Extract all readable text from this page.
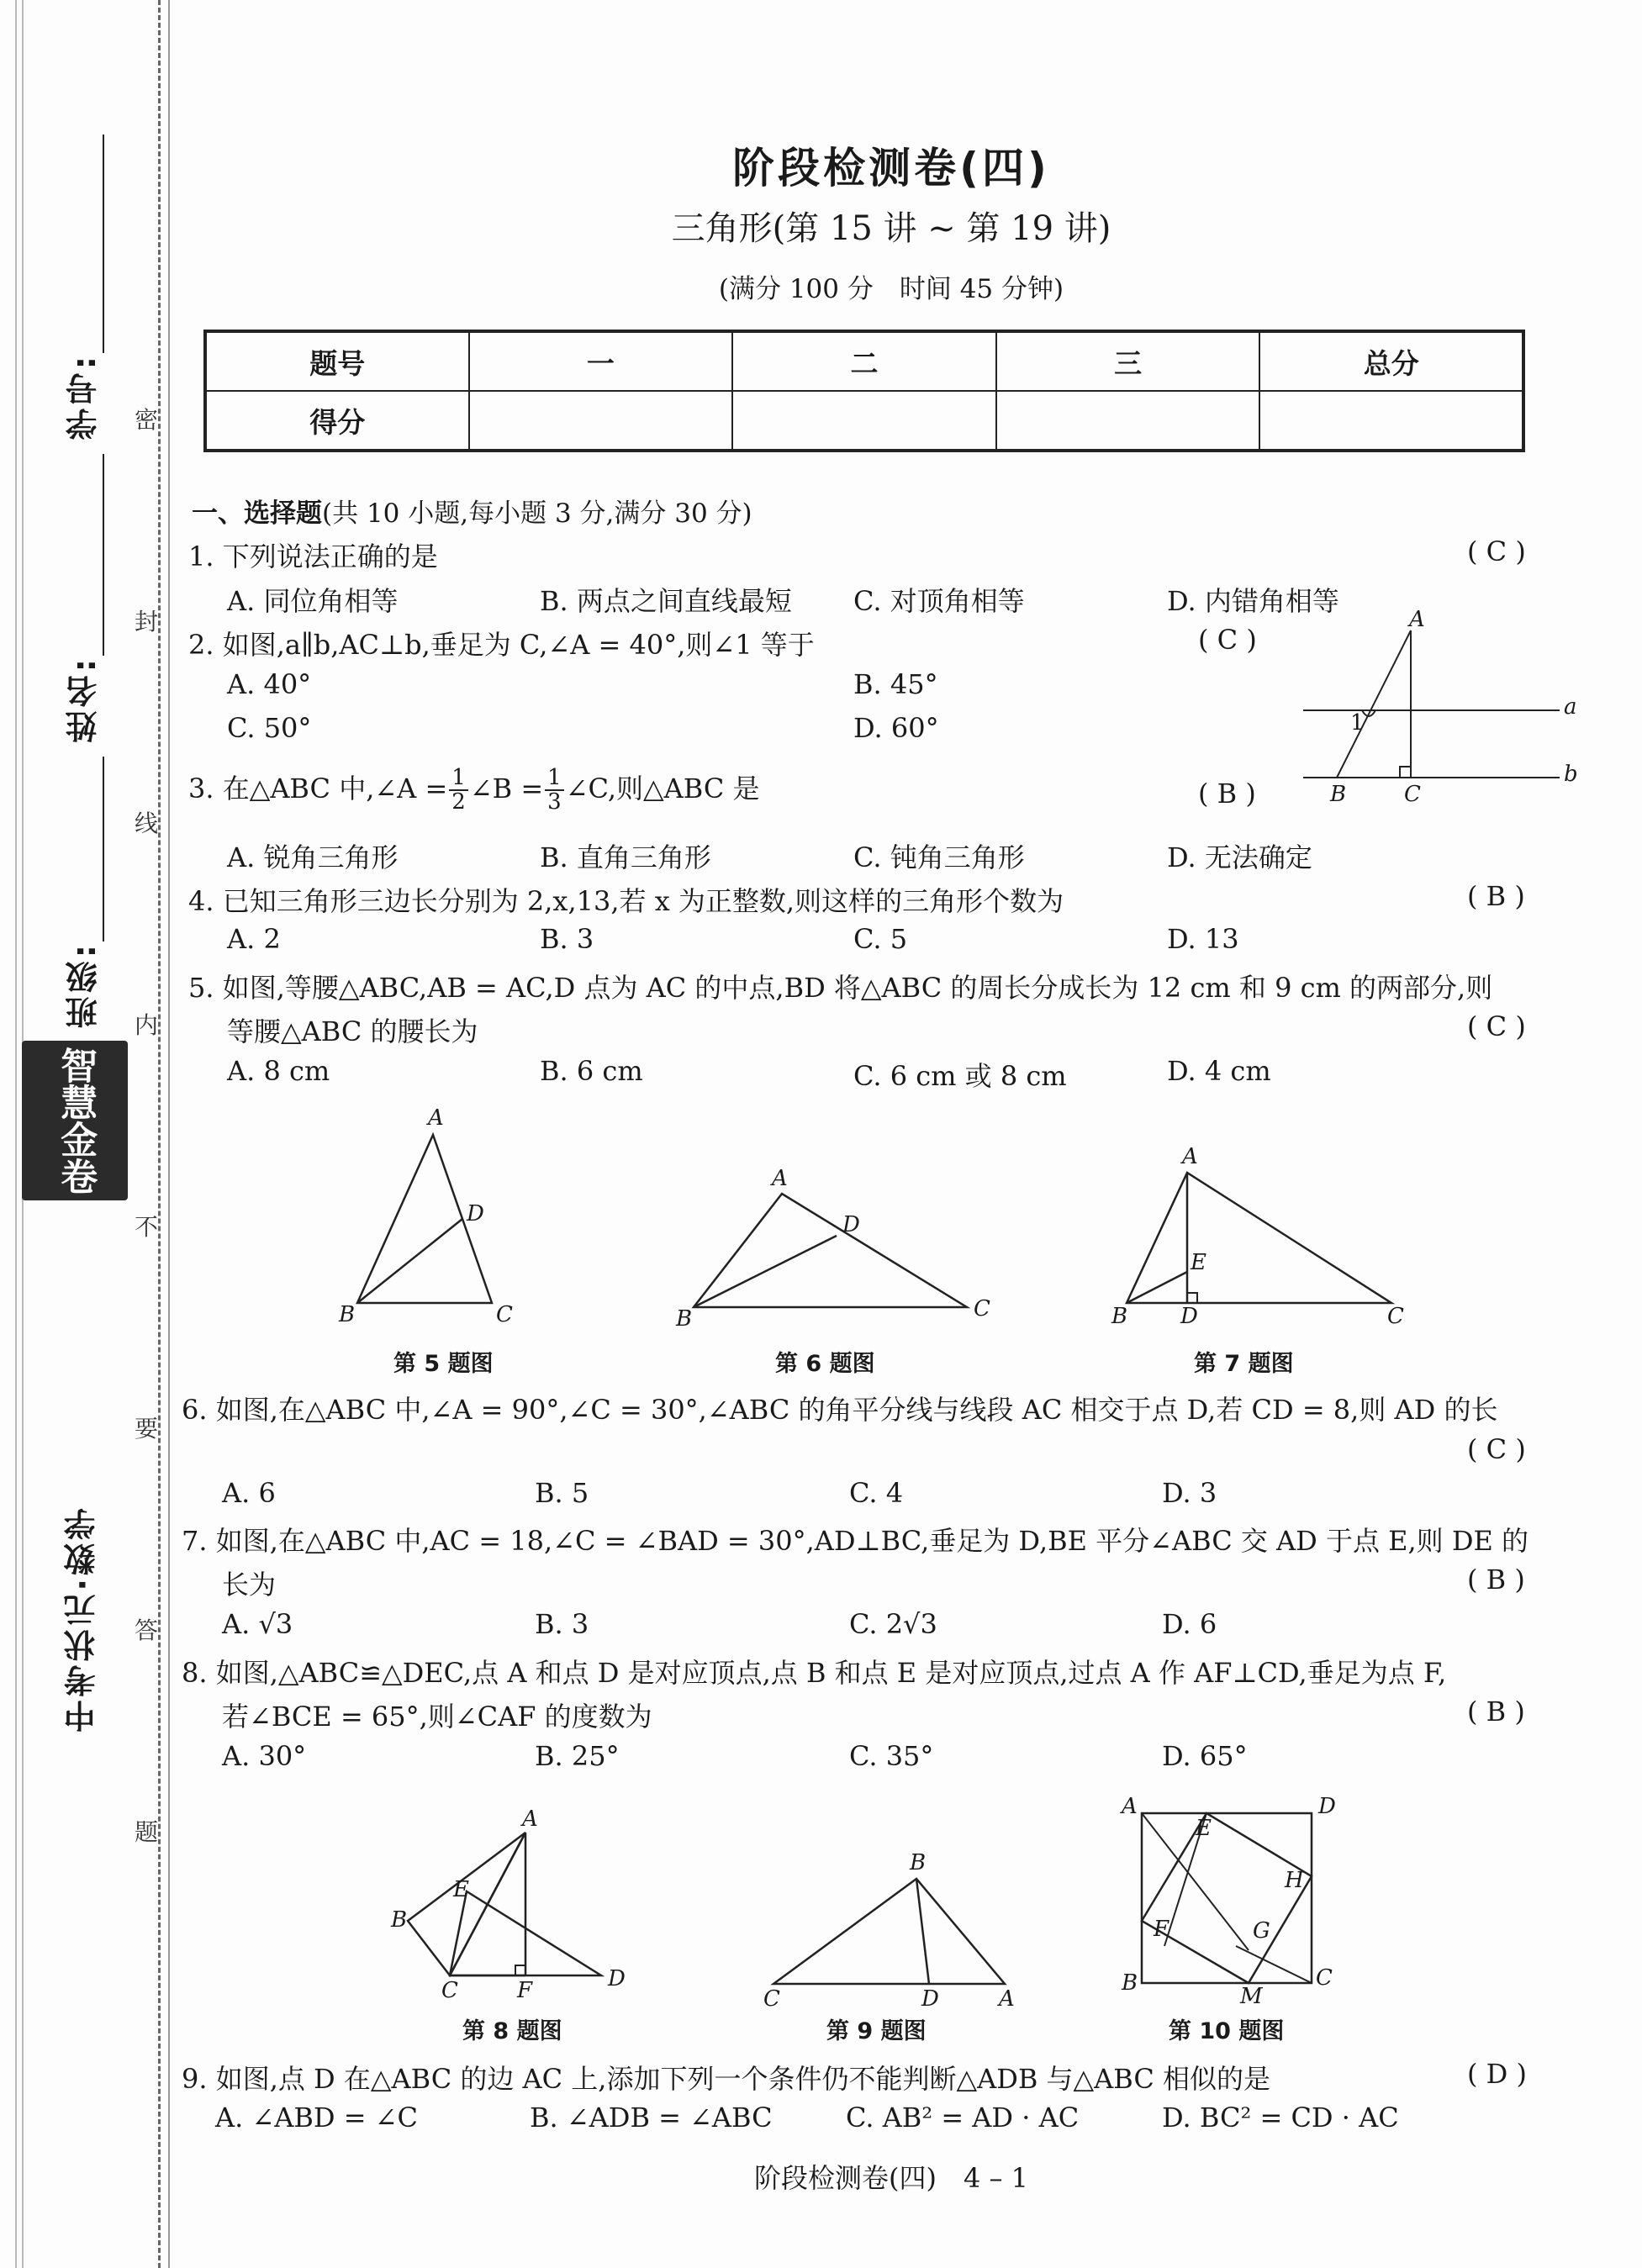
学号:
姓名:
班级:
密
封
线
内
不
要
答
题
智慧金卷
中考状元·数学
阶段检测卷(四)
三角形(第 15 讲 ~ 第 19 讲)
(满分 100 分　时间 45 分钟)
题号	一	二	三	总分
得分				
一、选择题(共 10 小题,每小题 3 分,满分 30 分)
1. 下列说法正确的是	( C )
A. 同位角相等	B. 两点之间直线最短 C. 对顶角相等	D. 内错角相等
2. 如图,a∥b,AC⊥b,垂足为 C,∠A = 40°,则∠1 等于	( C )
A. 40°	B. 45°
C. 50°	D. 60°
A
1
a
b
B	C
3. 在△ABC 中,∠A = $\frac{1}{2}$ ∠B = $\frac{1}{3}$ ∠C,则△ABC 是	( B )
A. 锐角三角形	B. 直角三角形	C. 钝角三角形	D. 无法确定
4. 已知三角形三边长分别为 2,x,13,若 x 为正整数,则这样的三角形个数为	( B )
A. 2	B. 3	C. 5	D. 13
5. 如图,等腰△ABC,AB = AC,D 点为 AC 的中点,BD 将△ABC 的周长分成长为 12 cm 和 9 cm 的两部分,则
等腰△ABC 的腰长为	( C )
A. 8 cm	B. 6 cm	C. 6 cm 或 8 cm	D. 4 cm
A
D
B	C
第 5 题图
A
D
B	C
第 6 题图
A
E
B D	C
第 7 题图
6. 如图,在△ABC 中,∠A = 90°,∠C = 30°,∠ABC 的角平分线与线段 AC 相交于点 D,若 CD = 8,则 AD 的长
( C )
A. 6	B. 5	C. 4	D. 3
7. 如图,在△ABC 中,AC = 18,∠C = ∠BAD = 30°,AD⊥BC,垂足为 D,BE 平分∠ABC 交 AD 于点 E,则 DE 的
长为	( B )
A. √3	B. 3	C. 2√3	D. 6
8. 如图,△ABC≌△DEC,点 A 和点 D 是对应顶点,点 B 和点 E 是对应顶点,过点 A 作 AF⊥CD,垂足为点 F,
若∠BCE = 65°,则∠CAF 的度数为	( B )
A. 30°	B. 25°	C. 35°	D. 65°
A
E
B
C	F	D
第 8 题图
B
C	D	A
第 9 题图
A
E
D
H
F	G
B
M
C
第 10 题图
9. 如图,点 D 在△ABC 的边 AC 上,添加下列一个条件仍不能判断△ADB 与△ABC 相似的是	( D )
A. ∠ABD = ∠C	B. ∠ADB = ∠ABC	C. AB² = AD · AC	D. BC² = CD · AC
阶段检测卷(四)　4 – 1
